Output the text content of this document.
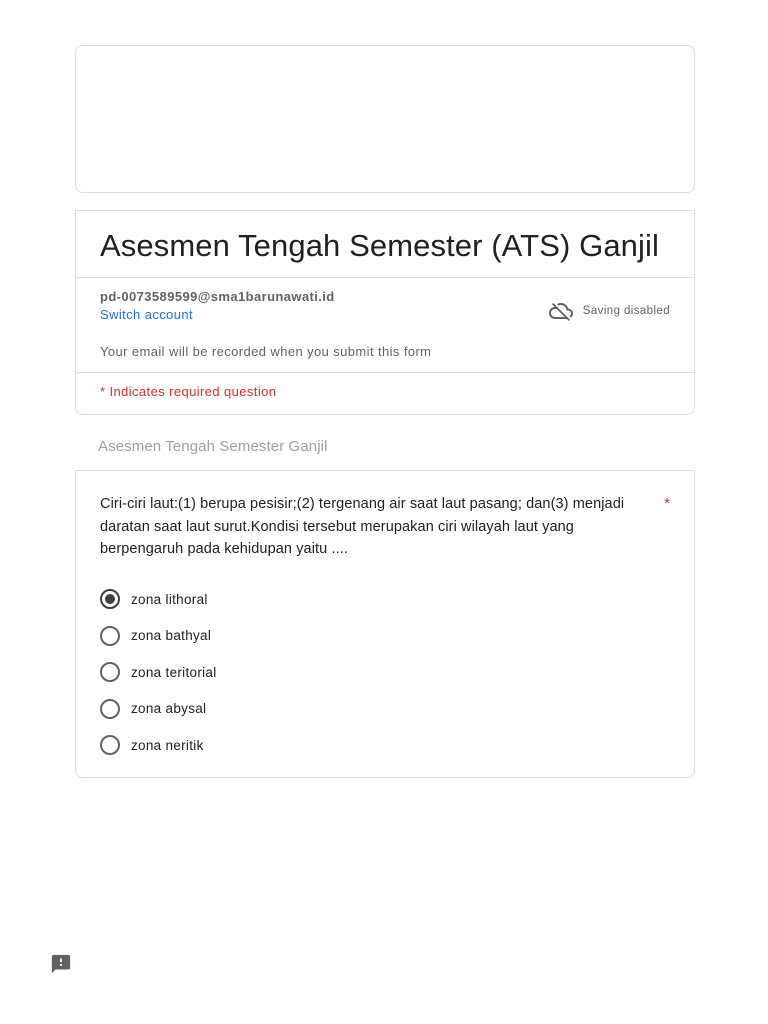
Asesmen Tengah Semester (ATS) Ganjil
pd-0073589599@sma1barunawati.id
Switch account	Saving disabled
Your email will be recorded when you submit this form
* Indicates required question
Asesmen Tengah Semester Ganjil
Ciri-ciri laut:(1) berupa pesisir;(2) tergenang air saat laut pasang; dan(3) menjadi daratan saat laut surut.Kondisi tersebut merupakan ciri wilayah laut yang berpengaruh pada kehidupan yaitu ....
*
zona lithoral
zona bathyal
zona teritorial
zona abysal
zona neritik
